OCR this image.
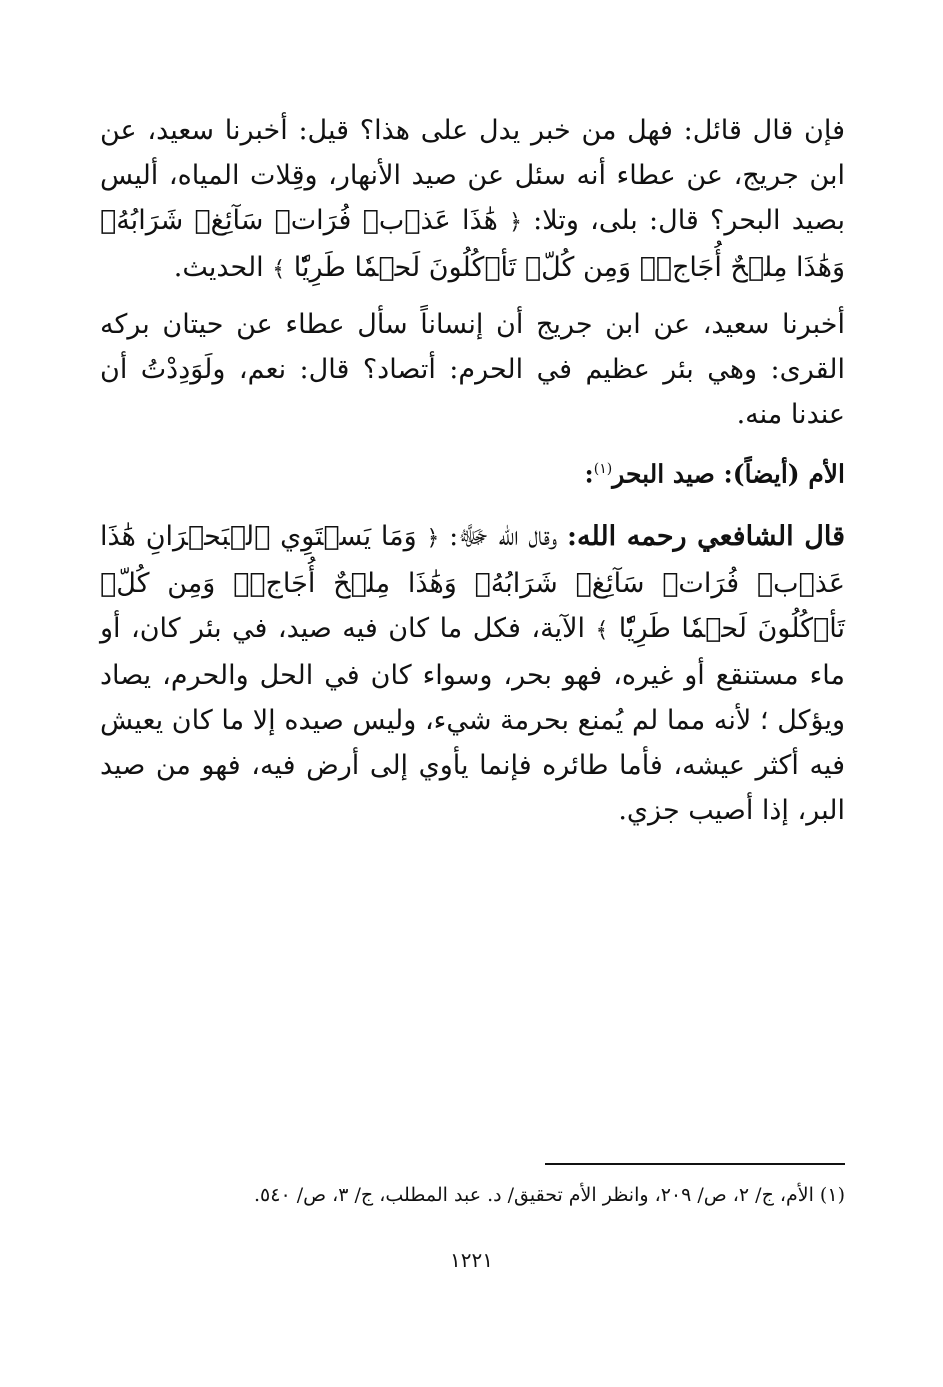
فإن قال قائل: فهل من خبر يدل على هذا؟ قيل: أخبرنا سعيد، عن ابن جريج، عن عطاء أنه سئل عن صيد الأنهار، وقِلات المياه، أليس بصيد البحر؟ قال: بلى، وتلا: ﴿ هَٰذَا عَذۡبٞ فُرَاتٞ سَآئِغٞ شَرَابُهُۥ وَهَٰذَا مِلۡحٌ أُجَاجٞۖ وَمِن كُلّٖ تَأۡكُلُونَ لَحۡمٗا طَرِيّٗا ﴾ الحديث.

أخبرنا سعيد، عن ابن جريج أن إنساناً سأل عطاء عن حيتان بركه القرى: وهي بئر عظيم في الحرم: أتصاد؟ قال: نعم، ولَوَدِدْتُ أن عندنا منه.

الأم (أيضاً): صيد البحر$^{(١)}$:

قال الشافعي رحمه الله: وقال الله ﷻ: ﴿ وَمَا يَسۡتَوِي ٱلۡبَحۡرَانِ هَٰذَا عَذۡبٞ فُرَاتٞ سَآئِغٞ شَرَابُهُۥ وَهَٰذَا مِلۡحٌ أُجَاجٞۖ وَمِن كُلّٖ تَأۡكُلُونَ لَحۡمٗا طَرِيّٗا ﴾ الآية، فكل ما كان فيه صيد، في بئر كان، أو ماء مستنقع أو غيره، فهو بحر، وسواء كان في الحل والحرم، يصاد ويؤكل ؛ لأنه مما لم يُمنع بحرمة شيء، وليس صيده إلا ما كان يعيش فيه أكثر عيشه، فأما طائره فإنما يأوي إلى أرض فيه، فهو من صيد البر، إذا أصيب جزي.

(١) الأم، ج/ ٢، ص/ ٢٠٩، وانظر الأم تحقيق/ د. عبد المطلب، ج/ ٣، ص/ ٥٤٠.
١٢٢١
